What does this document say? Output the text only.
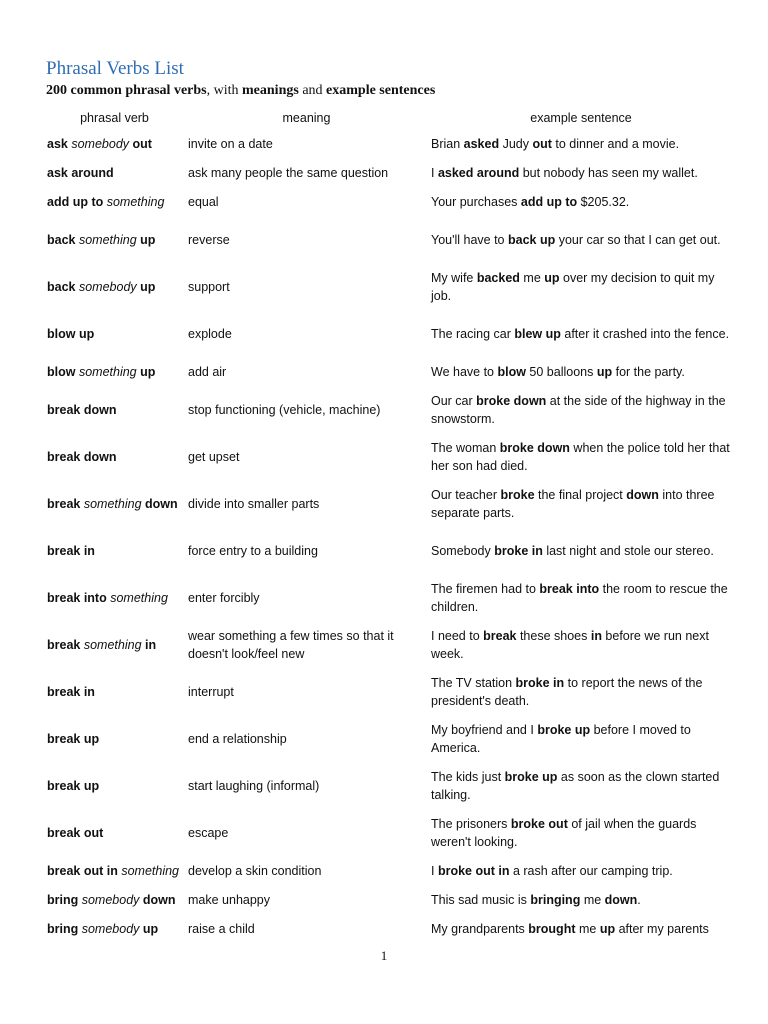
Phrasal Verbs List
200 common phrasal verbs, with meanings and example sentences
phrasal verb	meaning	example sentence
ask somebody out	invite on a date	Brian asked Judy out to dinner and a movie.
ask around	ask many people the same question	I asked around but nobody has seen my wallet.
add up to something	equal	Your purchases add up to $205.32.
back something up	reverse	You'll have to back up your car so that I can get out.
back somebody up	support	My wife backed me up over my decision to quit my job.
blow up	explode	The racing car blew up after it crashed into the fence.
blow something up	add air	We have to blow 50 balloons up for the party.
break down	stop functioning (vehicle, machine)	Our car broke down at the side of the highway in the snowstorm.
break down	get upset	The woman broke down when the police told her that her son had died.
break something down	divide into smaller parts	Our teacher broke the final project down into three separate parts.
break in	force entry to a building	Somebody broke in last night and stole our stereo.
break into something	enter forcibly	The firemen had to break into the room to rescue the children.
break something in	wear something a few times so that it doesn't look/feel new	I need to break these shoes in before we run next week.
break in	interrupt	The TV station broke in to report the news of the president's death.
break up	end a relationship	My boyfriend and I broke up before I moved to America.
break up	start laughing (informal)	The kids just broke up as soon as the clown started talking.
break out	escape	The prisoners broke out of jail when the guards weren't looking.
break out in something	develop a skin condition	I broke out in a rash after our camping trip.
bring somebody down	make unhappy	This sad music is bringing me down.
bring somebody up	raise a child	My grandparents brought me up after my parents
1
